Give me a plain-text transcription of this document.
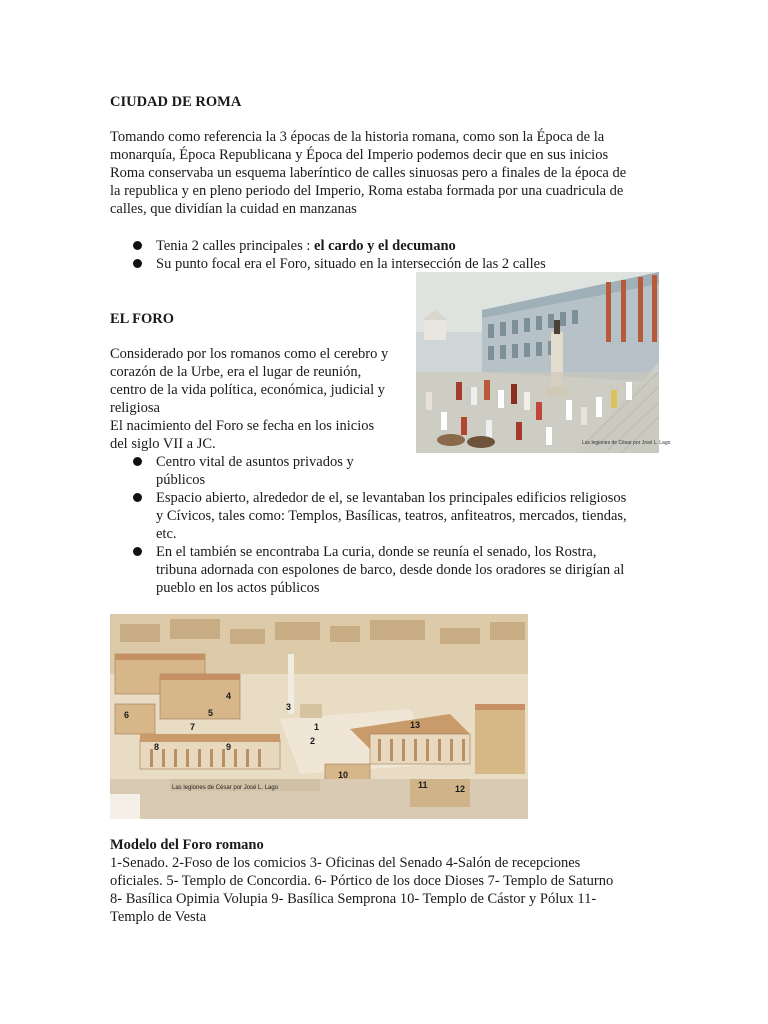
CIUDAD DE ROMA
Tomando como referencia la 3 épocas de la historia romana, como son la Época de la
monarquía, Época Republicana y Época del Imperio podemos decir que en sus inicios
Roma conservaba un esquema laberíntico de calles sinuosas pero a finales de la época de
la republica y en pleno periodo del Imperio, Roma estaba formada por una cuadricula de
calles, que dividían la cuidad en manzanas
Tenia 2 calles principales : el cardo y el decumano
Su punto focal era el Foro, situado en la intersección de las 2 calles
EL FORO
Considerado por los romanos como el cerebro y
corazón de la Urbe, era el lugar de reunión,
centro de la vida política, económica, judicial y
religiosa
El nacimiento del Foro se fecha en los inicios
del siglo VII a JC.
Centro vital de asuntos privados y
públicos
Espacio abierto, alrededor de el, se levantaban los principales edificios religiosos
y Cívicos, tales como: Templos, Basílicas, teatros, anfiteatros, mercados, tiendas,
etc.
En el también se encontraba La curia, donde se reunía el senado, los Rostra,
tribuna adornada con espolones de barco, desde donde los oradores se dirigían al
pueblo en los actos públicos
Las legiones de César por José L. Lago
1
2
3
4
5
6
7
8	9
10
11	12
13
Las legiones de César por José L. Lago
Modelo del Foro romano
1-Senado. 2-Foso de los comicios 3- Oficinas del Senado 4-Salón de recepciones
oficiales. 5- Templo de Concordia. 6- Pórtico de los doce Dioses 7- Templo de Saturno
8- Basílica Opimia Volupia 9- Basílica Semprona 10- Templo de Cástor y Pólux 11-
Templo de Vesta
